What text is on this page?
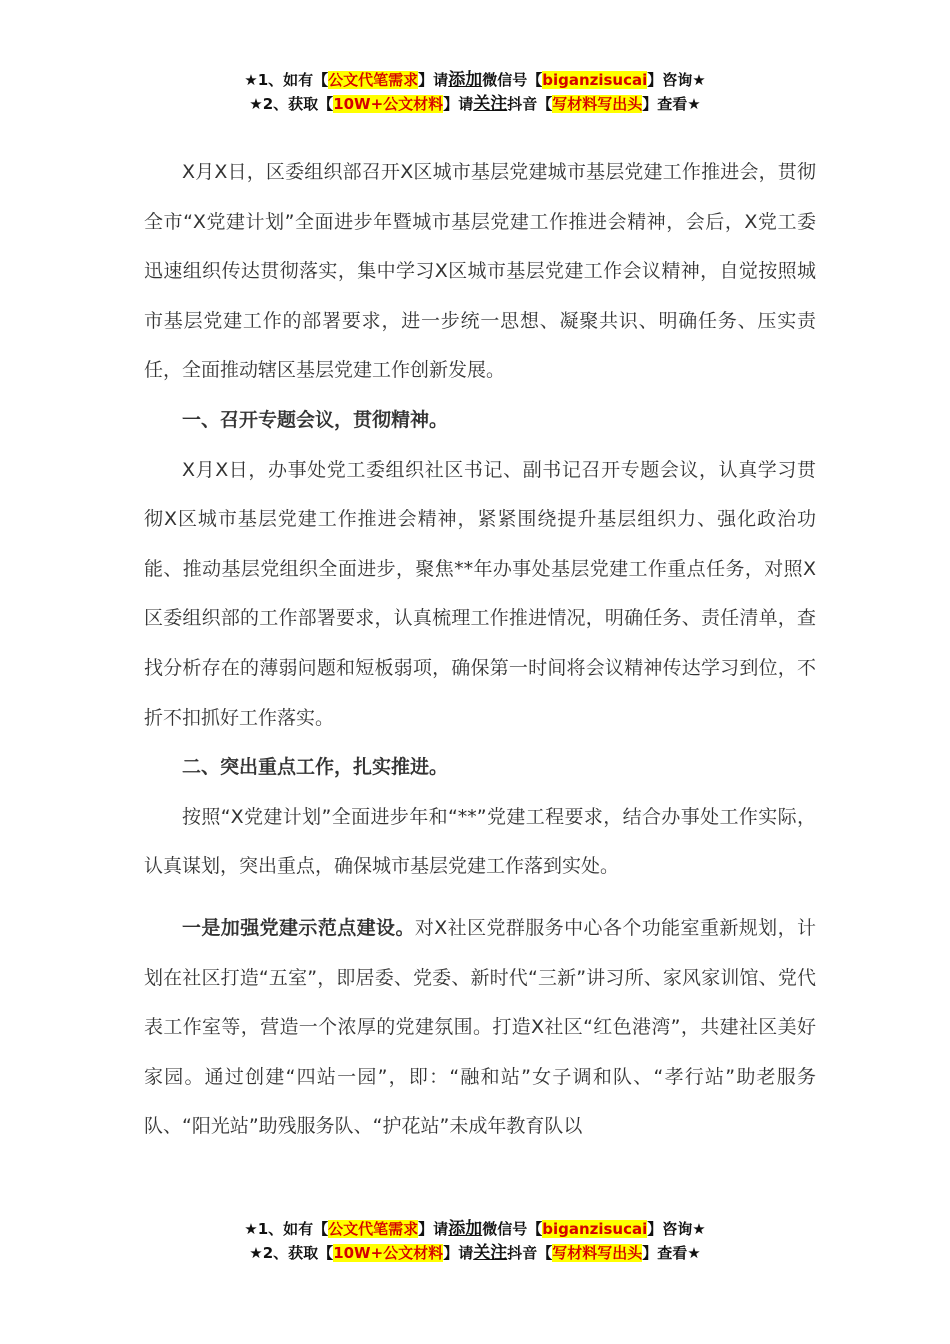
★1、如有【公文代笔需求】请添加微信号【biganzisucai】咨询★
★2、获取【10W+公文材料】请关注抖音【写材料写出头】查看★

X月X日，区委组织部召开X区城市基层党建城市基层党建工作推进会，贯彻全市“X党建计划”全面进步年暨城市基层党建工作推进会精神，会后，X党工委迅速组织传达贯彻落实，集中学习X区城市基层党建工作会议精神，自觉按照城市基层党建工作的部署要求，进一步统一思想、凝聚共识、明确任务、压实责任，全面推动辖区基层党建工作创新发展。

一、召开专题会议，贯彻精神。

X月X日，办事处党工委组织社区书记、副书记召开专题会议，认真学习贯彻X区城市基层党建工作推进会精神，紧紧围绕提升基层组织力、强化政治功能、推动基层党组织全面进步，聚焦**年办事处基层党建工作重点任务，对照X区委组织部的工作部署要求，认真梳理工作推进情况，明确任务、责任清单，查找分析存在的薄弱问题和短板弱项，确保第一时间将会议精神传达学习到位，不折不扣抓好工作落实。

二、突出重点工作，扎实推进。

按照“X党建计划”全面进步年和“**”党建工程要求，结合办事处工作实际，认真谋划，突出重点，确保城市基层党建工作落到实处。

一是加强党建示范点建设。对X社区党群服务中心各个功能室重新规划，计划在社区打造“五室”，即居委、党委、新时代“三新”讲习所、家风家训馆、党代表工作室等，营造一个浓厚的党建氛围。打造X社区“红色港湾”，共建社区美好家园。通过创建“四站一园”，即：“融和站”女子调和队、“孝行站”助老服务队、“阳光站”助残服务队、“护花站”未成年教育队以

★1、如有【公文代笔需求】请添加微信号【biganzisucai】咨询★
★2、获取【10W+公文材料】请关注抖音【写材料写出头】查看★
